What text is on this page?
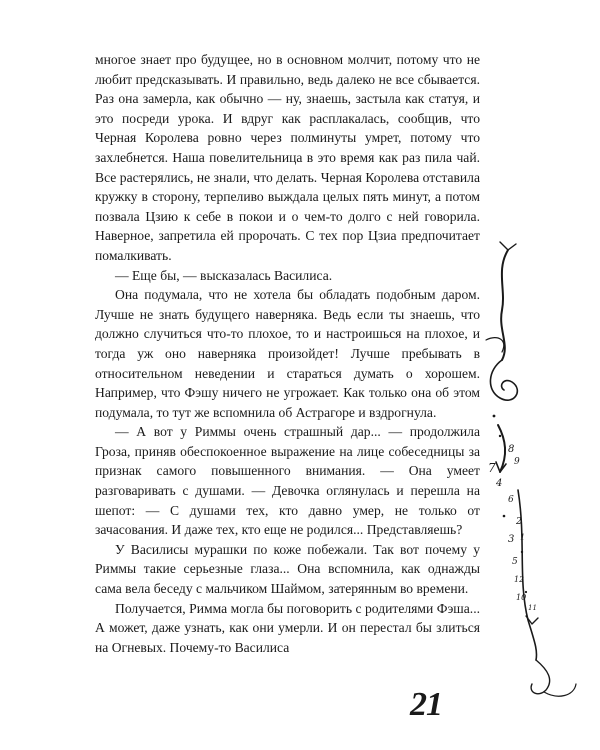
многое знает про будущее, но в основном молчит, потому что не любит предсказывать. И правильно, ведь далеко не все сбывается. Раз она замерла, как обычно — ну, знаешь, застыла как статуя, и это посреди урока. И вдруг как расплакалась, сообщив, что Черная Королева ровно через полминуты умрет, потому что захлебнется. Наша повелительница в это время как раз пила чай. Все растерялись, не знали, что делать. Черная Королева отставила кружку в сторону, терпеливо выждала целых пять минут, а потом позвала Цзию к себе в покои и о чем-то долго с ней говорила. Наверное, запретила ей пророчать. С тех пор Цзиа предпочитает помалкивать.

— Еще бы, — высказалась Василиса.

Она подумала, что не хотела бы обладать подобным даром. Лучше не знать будущего наверняка. Ведь если ты знаешь, что должно случиться что-то плохое, то и настроишься на плохое, и тогда уж оно наверняка произойдет! Лучше пребывать в относительном неведении и стараться думать о хорошем. Например, что Фэшу ничего не угрожает. Как только она об этом подумала, то тут же вспомнила об Астрагоре и вздрогнула.

— А вот у Риммы очень страшный дар... — продолжила Гроза, приняв обеспокоенное выражение на лице собеседницы за признак самого повышенного внимания. — Она умеет разговаривать с душами. — Девочка оглянулась и перешла на шепот: — С душами тех, кто давно умер, не только от зачасования. И даже тех, кто еще не родился... Представляешь?

У Василисы мурашки по коже побежали. Так вот почему у Риммы такие серьезные глаза... Она вспомнила, как однажды сама вела беседу с мальчиком Шаймом, затерянным во времени.

Получается, Римма могла бы поговорить с родителями Фэша... А может, даже узнать, как они умерли. И он перестал бы злиться на Огневых. Почему-то Василиса

8
9
7
4
6
2
3
5
12
10
11
1
21
